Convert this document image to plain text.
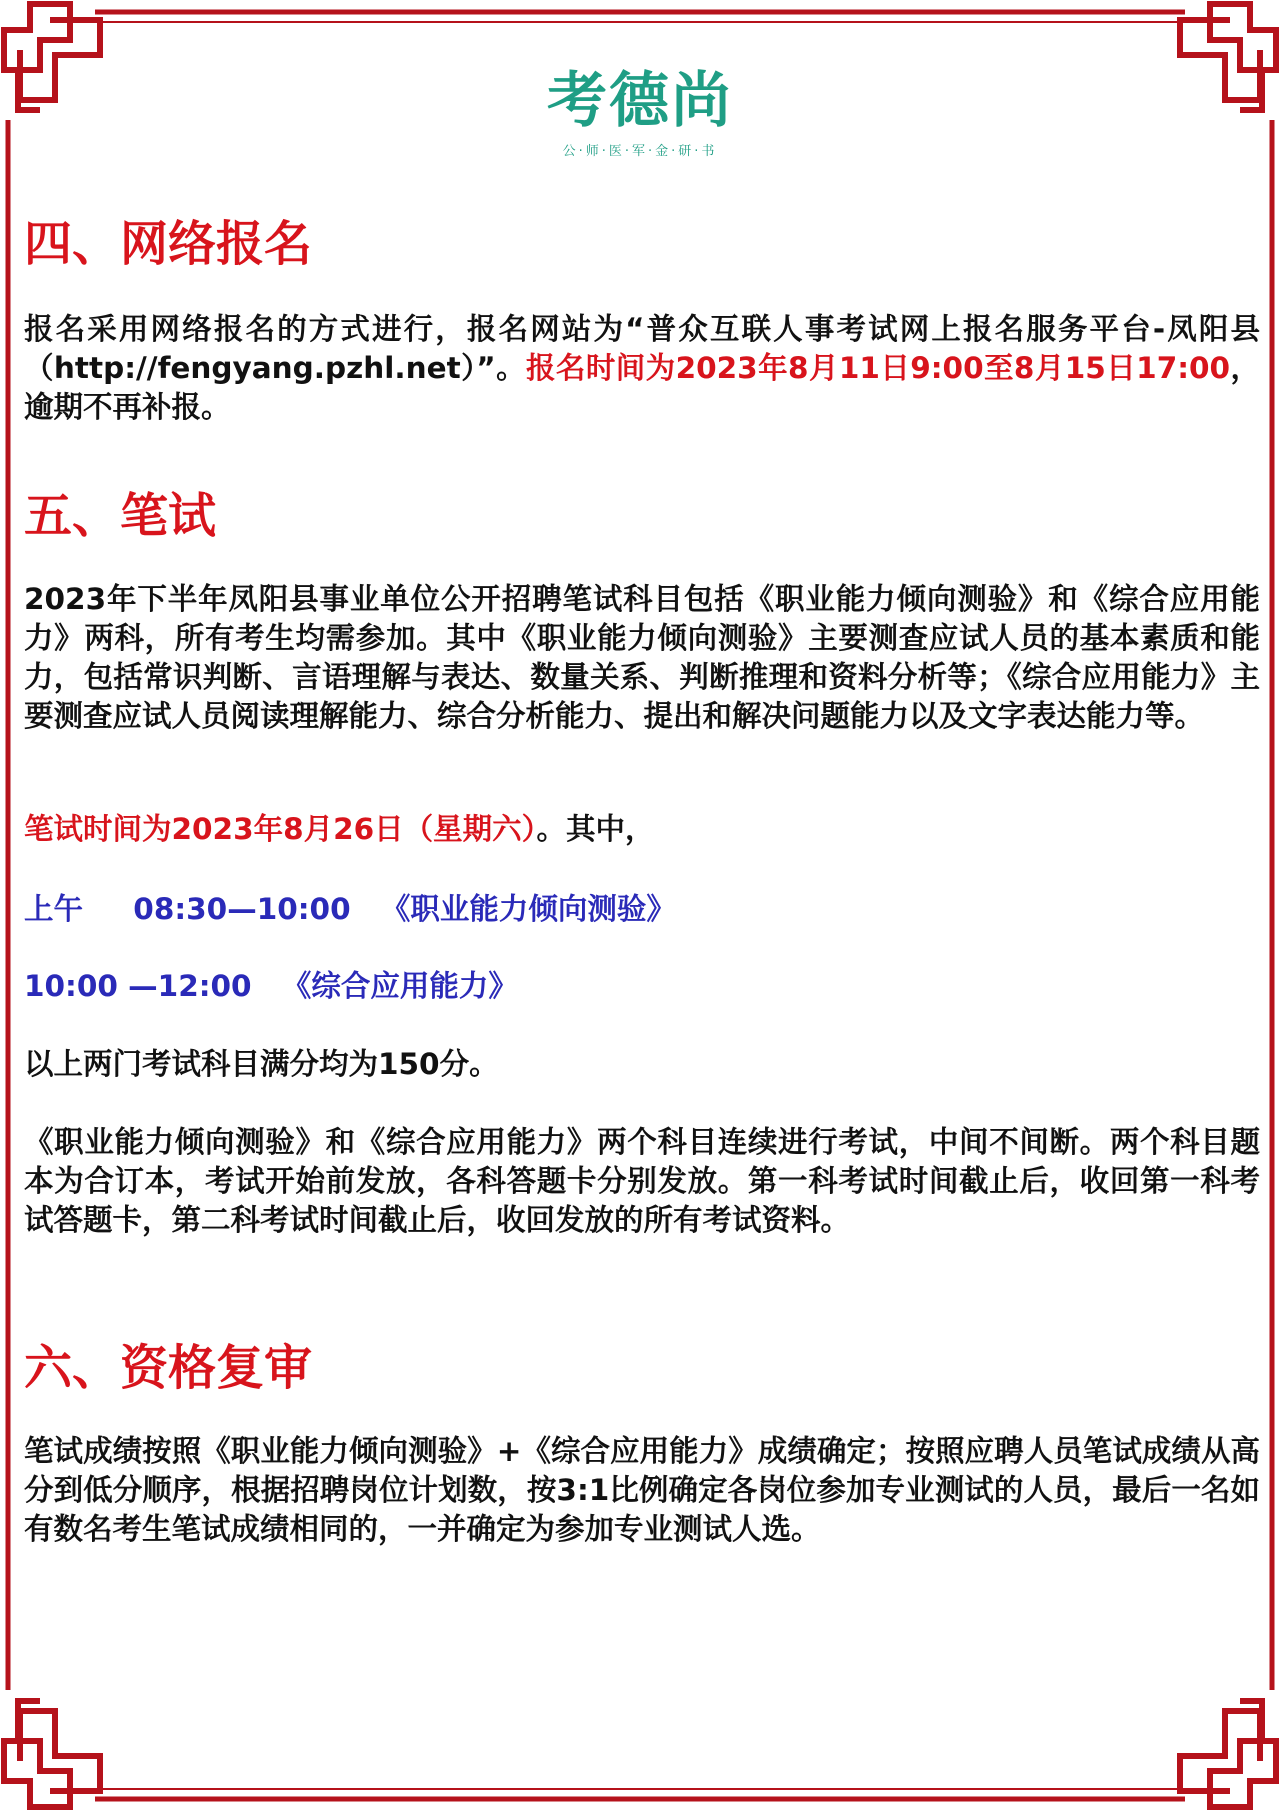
考德尚
公·师·医·军·金·研·书
四、网络报名
报名采用网络报名的方式进行，报名网站为“普众互联人事考试网上报名服务平台-凤阳县（http://fengyang.pzhl.net）”。报名时间为2023年8月11日9:00至8月15日17:00，逾期不再补报。
五、笔试
2023年下半年凤阳县事业单位公开招聘笔试科目包括《职业能力倾向测验》和《综合应用能力》两科，所有考生均需参加。其中《职业能力倾向测验》主要测查应试人员的基本素质和能力，包括常识判断、言语理解与表达、数量关系、判断推理和资料分析等；《综合应用能力》主要测查应试人员阅读理解能力、综合分析能力、提出和解决问题能力以及文字表达能力等。
笔试时间为2023年8月26日（星期六）。其中，
上午 08:30—10:00 《职业能力倾向测验》
10:00 —12:00 《综合应用能力》
以上两门考试科目满分均为150分。
《职业能力倾向测验》和《综合应用能力》两个科目连续进行考试，中间不间断。两个科目题本为合订本，考试开始前发放，各科答题卡分别发放。第一科考试时间截止后，收回第一科考试答题卡，第二科考试时间截止后，收回发放的所有考试资料。
六、资格复审
笔试成绩按照《职业能力倾向测验》+《综合应用能力》成绩确定；按照应聘人员笔试成绩从高分到低分顺序，根据招聘岗位计划数，按3:1比例确定各岗位参加专业测试的人员，最后一名如有数名考生笔试成绩相同的，一并确定为参加专业测试人选。
